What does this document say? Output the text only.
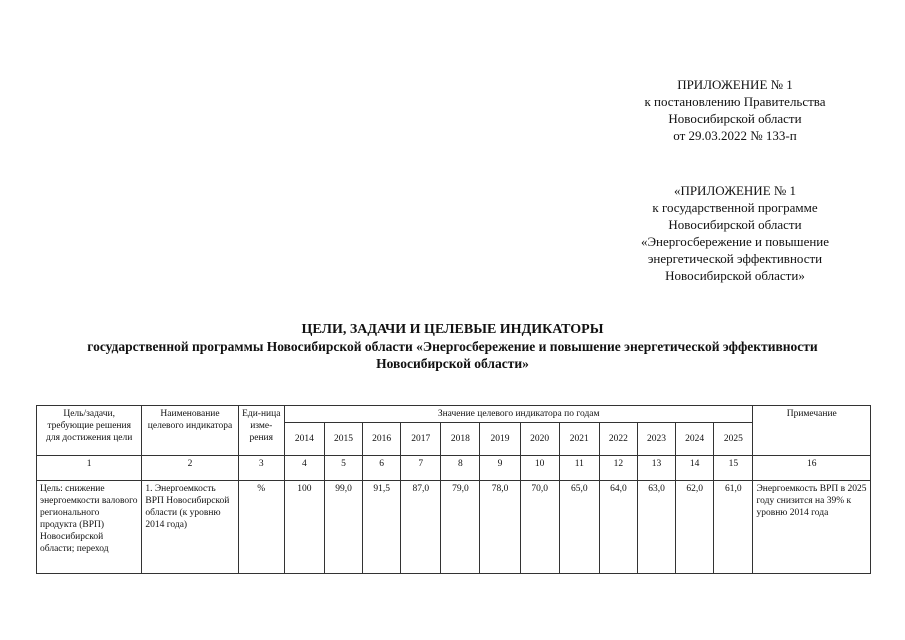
ПРИЛОЖЕНИЕ № 1
к постановлению Правительства
Новосибирской области
от 29.03.2022 № 133-п
«ПРИЛОЖЕНИЕ № 1
к государственной программе
Новосибирской области
«Энергосбережение и повышение
энергетической эффективности
Новосибирской области»
ЦЕЛИ, ЗАДАЧИ И ЦЕЛЕВЫЕ ИНДИКАТОРЫ
государственной программы Новосибирской области «Энергосбережение и повышение энергетической эффективности
Новосибирской области»
Цель/задачи, требующие решения для достижения цели	Наименование целевого индикатора	Еди-ница изме-рения	Значение целевого индикатора по годам												Примечание
			2014	2015	2016	2017	2018	2019	2020	2021	2022	2023	2024	2025	
1	2	3	4	5	6	7	8	9	10	11	12	13	14	15	16
Цель: снижение энергоемкости валового регионального продукта (ВРП) Новосибирской области; переход	1. Энергоемкость ВРП Новосибирской области (к уровню 2014 года)	%	100	99,0	91,5	87,0	79,0	78,0	70,0	65,0	64,0	63,0	62,0	61,0	Энергоемкость ВРП в 2025 году снизится на 39% к уровню 2014 года
